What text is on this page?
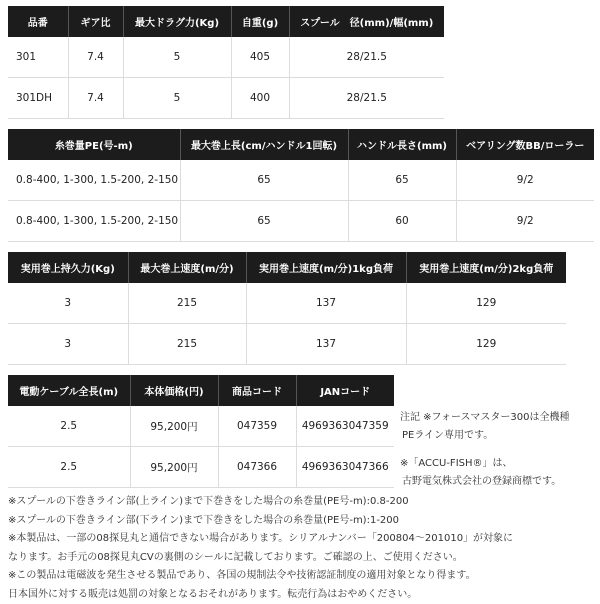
品番	ギア比	最大ドラグ力(Kg)	自重(g)	スプール　径(mm)/幅(mm)
301	7.4	5	405	28/21.5
301DH	7.4	5	400	28/21.5
糸巻量PE(号-m)	最大巻上長(cm/ハンドル1回転)	ハンドル長さ(mm)	ベアリング数BB/ローラー
0.8-400, 1-300, 1.5-200, 2-150	65	65	9/2
0.8-400, 1-300, 1.5-200, 2-150	65	60	9/2
実用巻上持久力(Kg)	最大巻上速度(m/分)	実用巻上速度(m/分)1kg負荷	実用巻上速度(m/分)2kg負荷
3	215	137	129
3	215	137	129
電動ケーブル全長(m)	本体価格(円)	商品コード	JANコード
2.5	95,200円	047359	4969363047359
2.5	95,200円	047366	4969363047366
注記 ※フォースマスター300は全機種
PEライン専用です。
※「ACCU-FISH®」は、
古野電気株式会社の登録商標です。
※スプールの下巻きライン部(上ライン)まで下巻きをした場合の糸巻量(PE号-m):0.8-200
※スプールの下巻きライン部(下ライン)まで下巻きをした場合の糸巻量(PE号-m):1-200
※本製品は、一部の08探見丸と通信できない場合があります。シリアルナンバー「200804～201010」が対象に
なります。お手元の08探見丸CVの裏側のシールに記載しております。ご確認の上、ご使用ください。
※この製品は電磁波を発生させる製品であり、各国の規制法令や技術認証制度の適用対象となり得ます。
日本国外に対する販売は処罰の対象となるおそれがあります。転売行為はおやめください。
